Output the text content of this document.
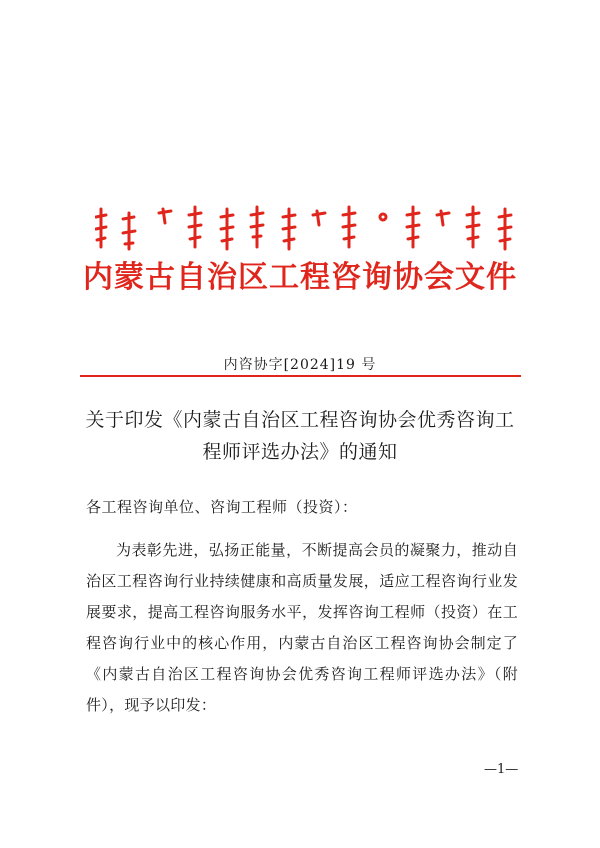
内蒙古自治区工程咨询协会文件
内咨协字[2024]19 号
关于印发《内蒙古自治区工程咨询协会优秀咨询工程师评选办法》的通知
各工程咨询单位、咨询工程师（投资）：
为表彰先进，弘扬正能量，不断提高会员的凝聚力，推动自治区工程咨询行业持续健康和高质量发展，适应工程咨询行业发展要求，提高工程咨询服务水平，发挥咨询工程师（投资）在工程咨询行业中的核心作用，内蒙古自治区工程咨询协会制定了《内蒙古自治区工程咨询协会优秀咨询工程师评选办法》（附件），现予以印发：
—1—
